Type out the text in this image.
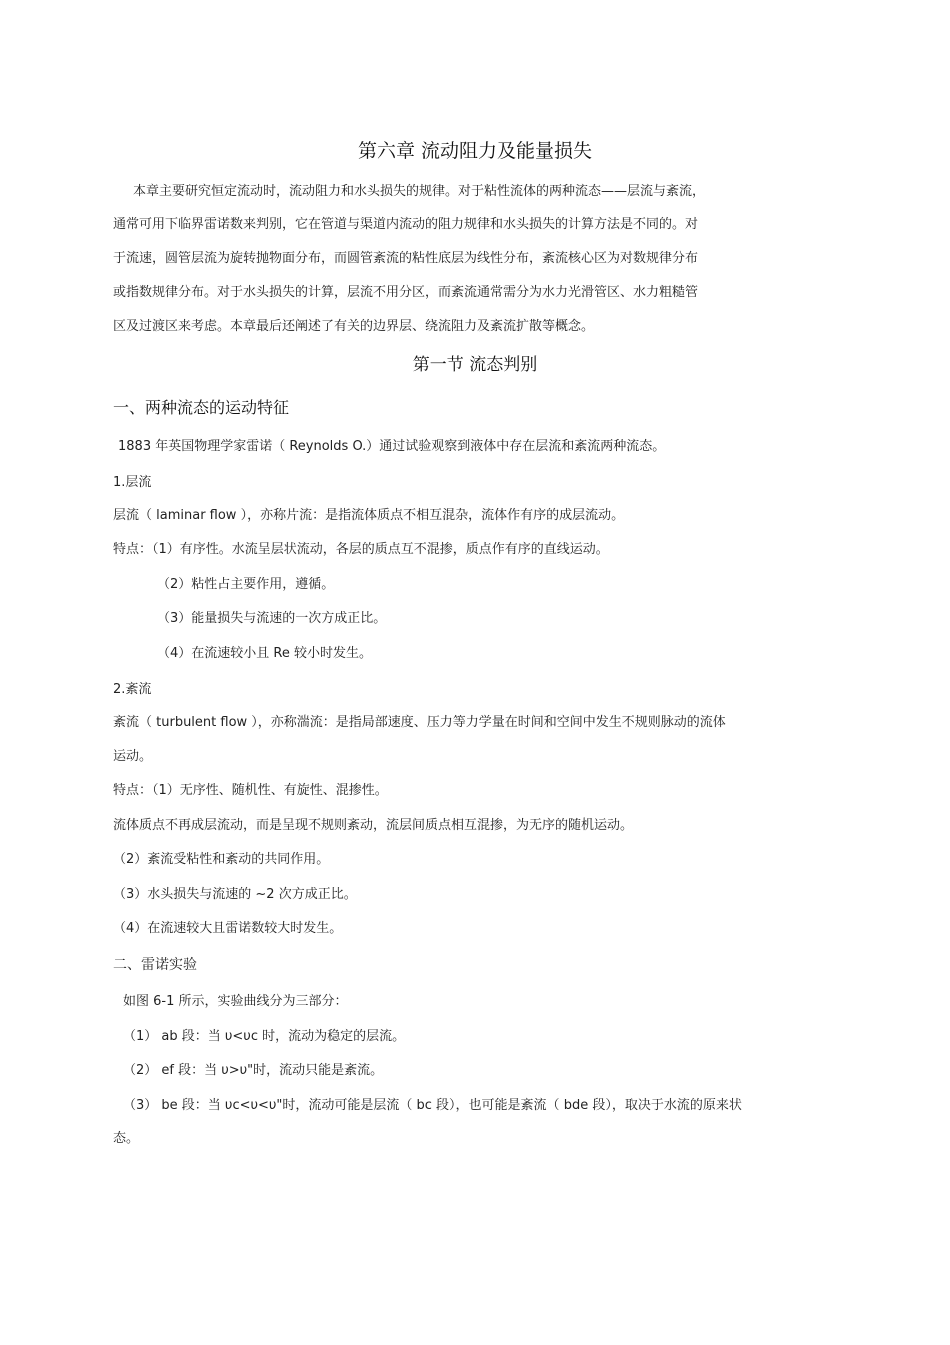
第六章 流动阻力及能量损失
本章主要研究恒定流动时，流动阻力和水头损失的规律。对于粘性流体的两种流态——层流与紊流，
通常可用下临界雷诺数来判别，它在管道与渠道内流动的阻力规律和水头损失的计算方法是不同的。对
于流速，圆管层流为旋转抛物面分布，而圆管紊流的粘性底层为线性分布，紊流核心区为对数规律分布
或指数规律分布。对于水头损失的计算，层流不用分区，而紊流通常需分为水力光滑管区、水力粗糙管
区及过渡区来考虑。本章最后还阐述了有关的边界层、绕流阻力及紊流扩散等概念。
第一节 流态判别
一、两种流态的运动特征
1883 年英国物理学家雷诺（ Reynolds O.）通过试验观察到液体中存在层流和紊流两种流态。
1.层流
层流（ laminar flow ），亦称片流：是指流体质点不相互混杂，流体作有序的成层流动。
特点：（1）有序性。水流呈层状流动，各层的质点互不混掺，质点作有序的直线运动。
（2）粘性占主要作用，遵循。
（3）能量损失与流速的一次方成正比。
（4）在流速较小且 Re 较小时发生。
2.紊流
紊流（ turbulent flow ），亦称湍流：是指局部速度、压力等力学量在时间和空间中发生不规则脉动的流体
运动。
特点：（1）无序性、随机性、有旋性、混掺性。
流体质点不再成层流动，而是呈现不规则紊动，流层间质点相互混掺，为无序的随机运动。
（2）紊流受粘性和紊动的共同作用。
（3）水头损失与流速的 ~2 次方成正比。
（4）在流速较大且雷诺数较大时发生。
二、雷诺实验
如图 6-1 所示，实验曲线分为三部分：
（1） ab 段：当 υ<υc 时，流动为稳定的层流。
（2） ef 段：当 υ>υ"时，流动只能是紊流。
（3） be 段：当 υc<υ<υ"时，流动可能是层流（ bc 段），也可能是紊流（ bde 段），取决于水流的原来状
态。
